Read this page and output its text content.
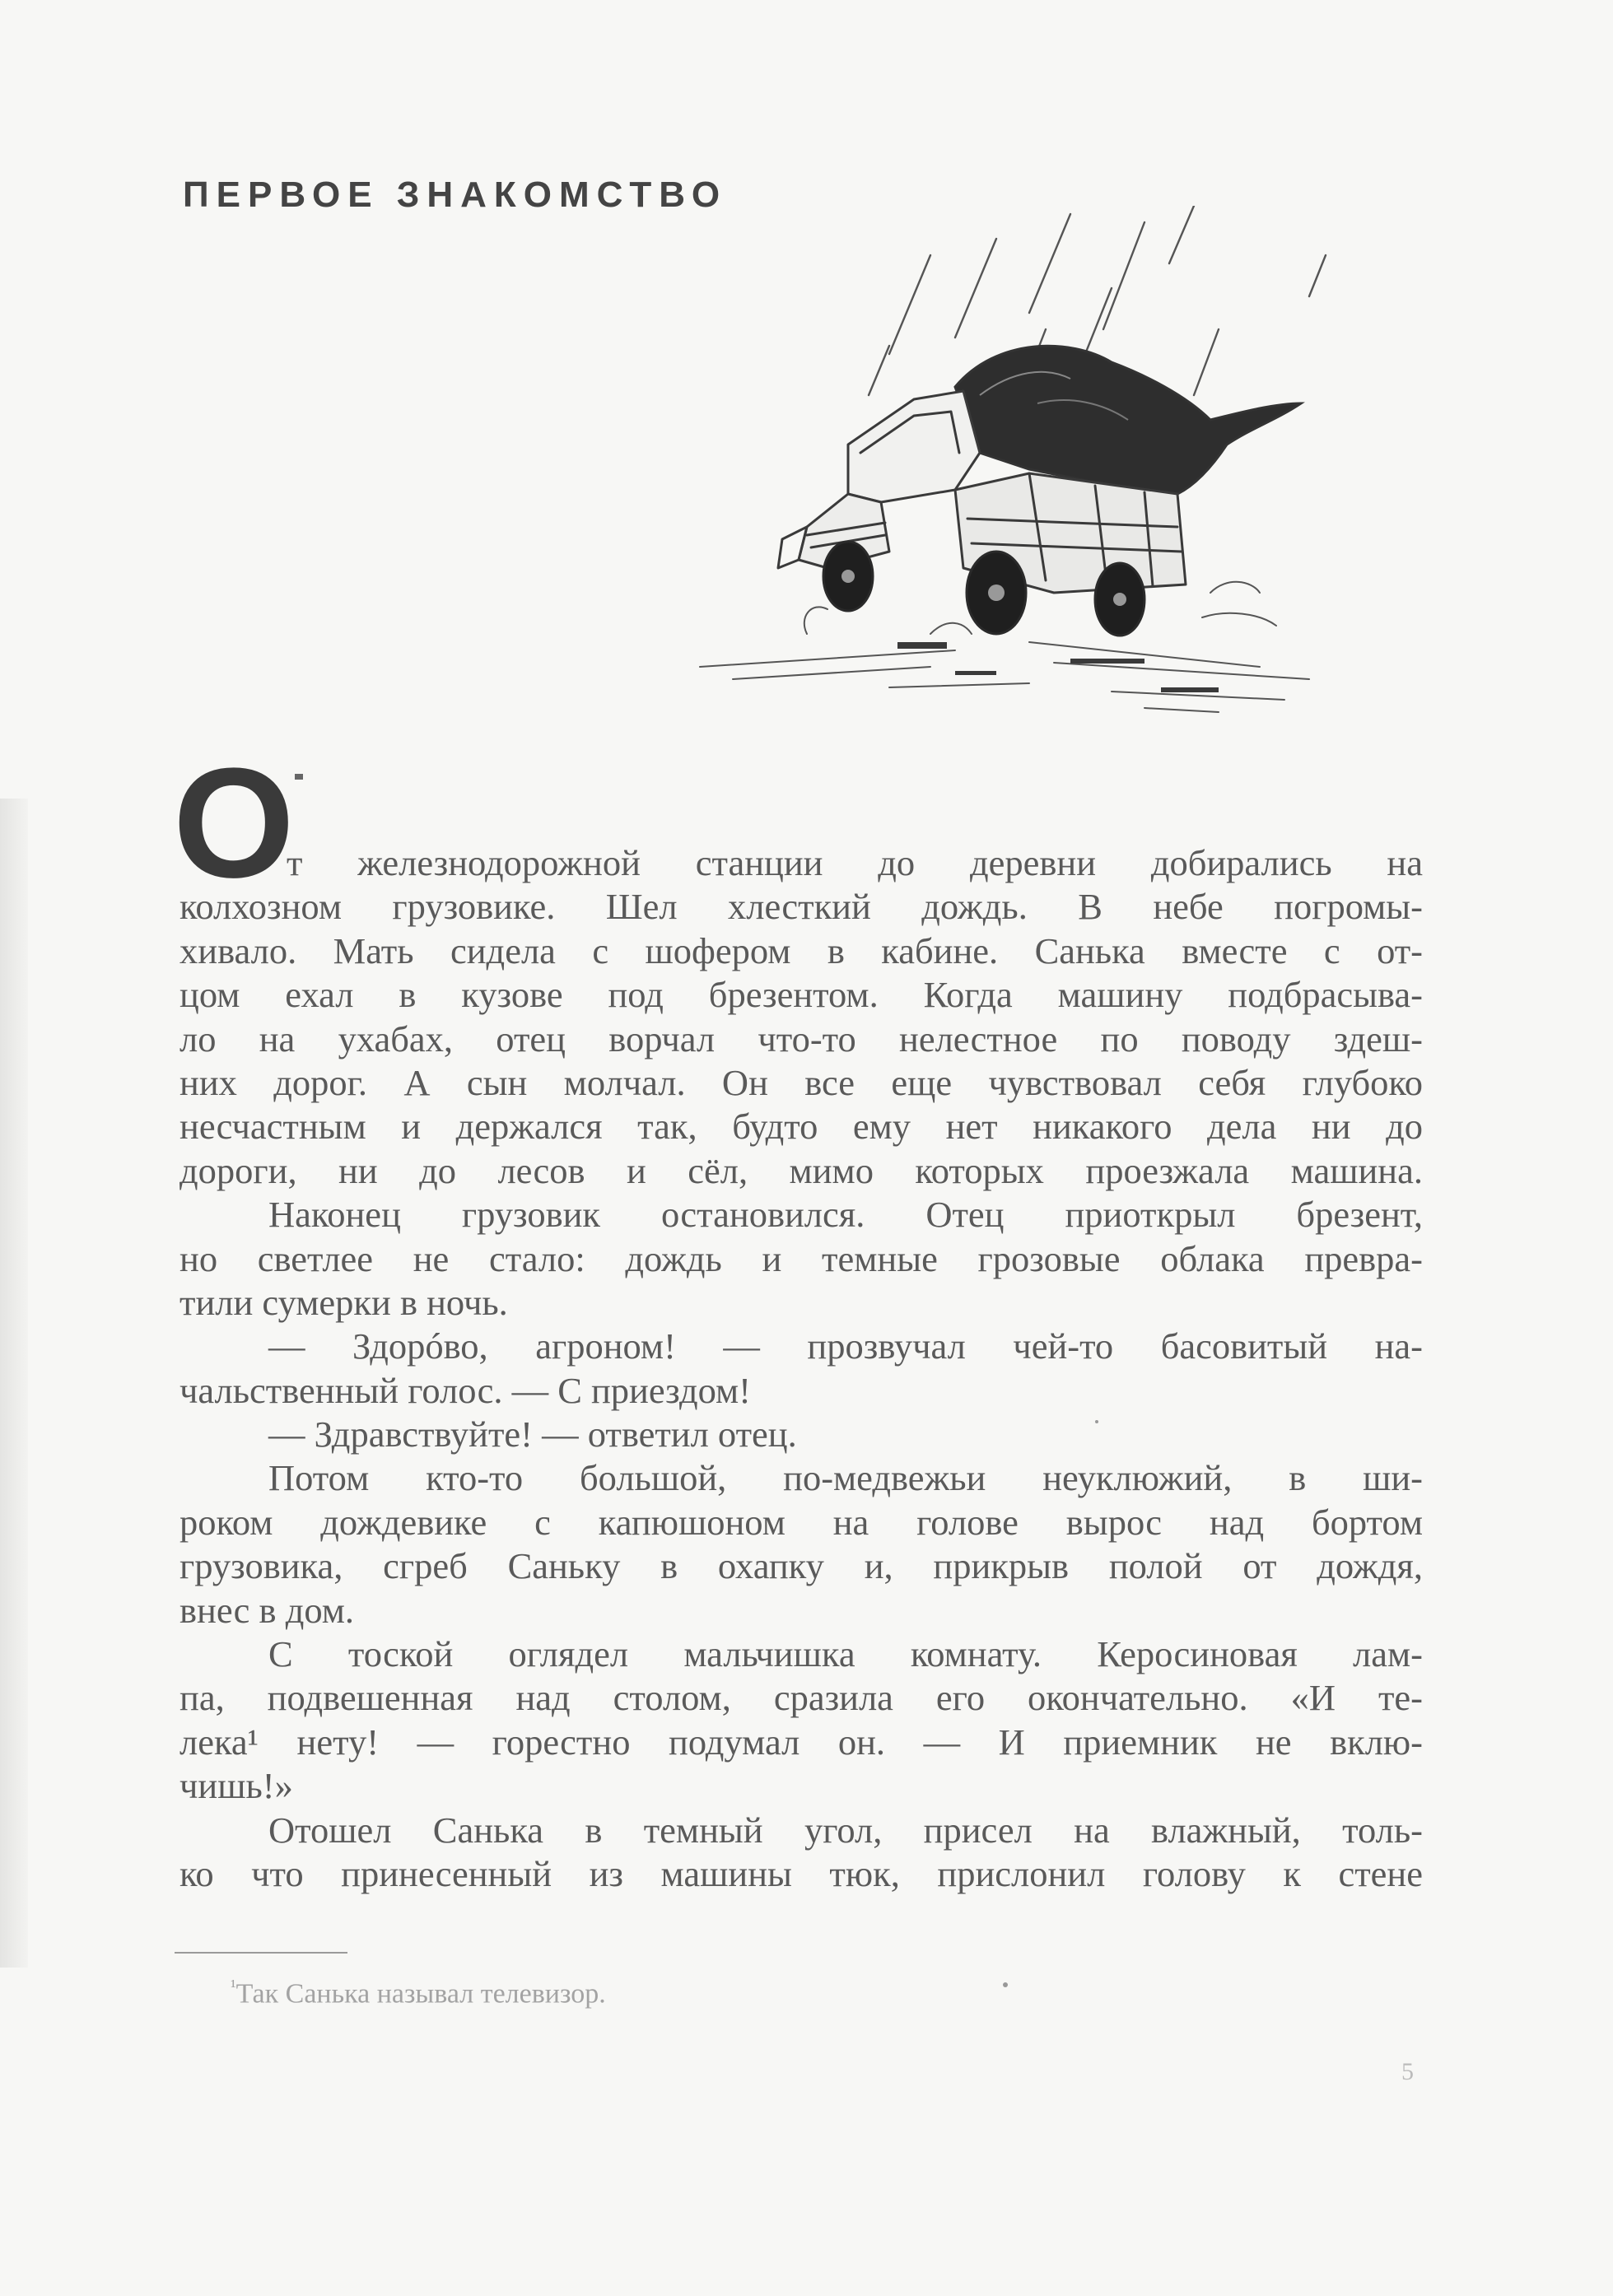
ПЕРВОЕ ЗНАКОМСТВО
О
т железнодорожной станции до деревни добирались на
колхозном грузовике. Шел хлесткий дождь. В небе погромы-
хивало. Мать сидела с шофером в кабине. Санька вместе с от-
цом ехал в кузове под брезентом. Когда машину подбрасыва-
ло на ухабах, отец ворчал что-то нелестное по поводу здеш-
них дорог. А сын молчал. Он все еще чувствовал себя глубоко
несчастным и держался так, будто ему нет никакого дела ни до
дороги, ни до лесов и сёл, мимо которых проезжала машина.
Наконец грузовик остановился. Отец приоткрыл брезент,
но светлее не стало: дождь и темные грозовые облака превра-
тили сумерки в ночь.
— Здорóво, агроном! — прозвучал чей-то басовитый на-
чальственный голос. — С приездом!
— Здравствуйте! — ответил отец.
Потом кто-то большой, по-медвежьи неуклюжий, в ши-
роком дождевике с капюшоном на голове вырос над бортом
грузовика, сгреб Саньку в охапку и, прикрыв полой от дождя,
внес в дом.
С тоской оглядел мальчишка комнату. Керосиновая лам-
па, подвешенная над столом, сразила его окончательно. «И те-
лека¹ нету! — горестно подумал он. — И приемник не вклю-
чишь!»
Отошел Санька в темный угол, присел на влажный, толь-
ко что принесенный из машины тюк, прислонил голову к стене

$^{^1}$Так Санька называл телевизор.

5
